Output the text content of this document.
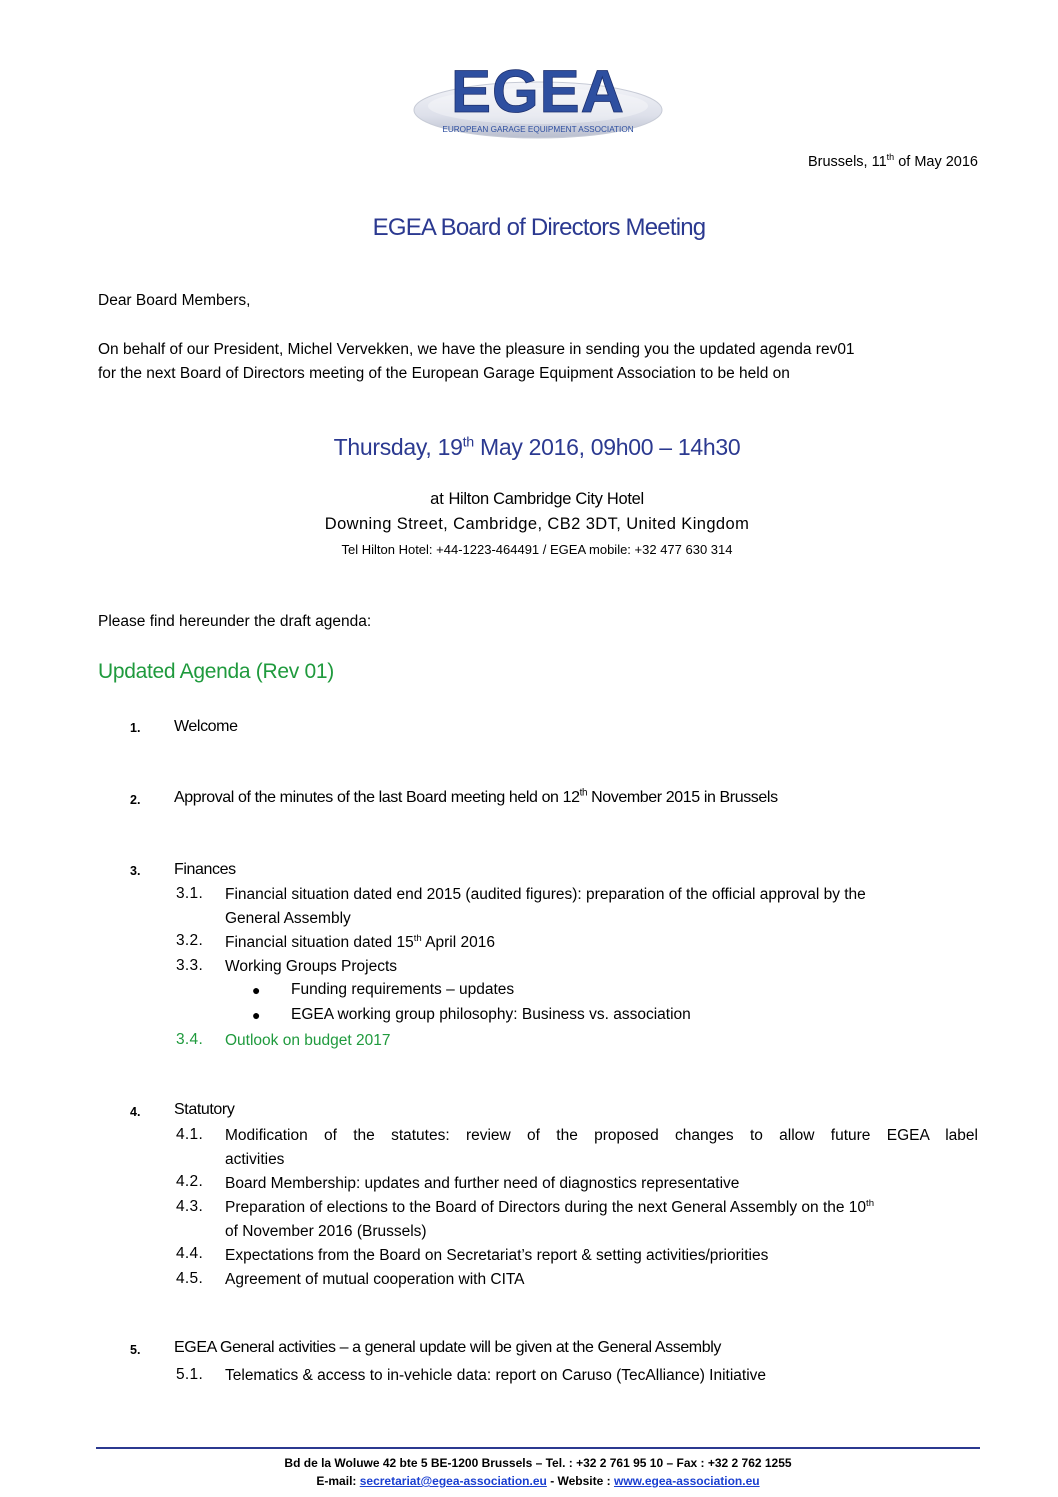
EGEA
EUROPEAN GARAGE EQUIPMENT ASSOCIATION
Brussels, 11th of May 2016
EGEA Board of Directors Meeting
Dear Board Members,
On behalf of our President, Michel Vervekken, we have the pleasure in sending you the updated agenda rev01
for the next Board of Directors meeting of the European Garage Equipment Association to be held on
Thursday, 19th May 2016, 09h00 – 14h30
at Hilton Cambridge City Hotel
Downing Street, Cambridge, CB2 3DT, United Kingdom
Tel Hilton Hotel: +44-1223-464491 / EGEA mobile: +32 477 630 314
Please find hereunder the draft agenda:
Updated Agenda (Rev 01)
1. Welcome
2. Approval of the minutes of the last Board meeting held on 12th November 2015 in Brussels
3. Finances
3.1. Financial situation dated end 2015 (audited figures): preparation of the official approval by the
General Assembly
3.2. Financial situation dated 15th April 2016
3.3. Working Groups Projects
● Funding requirements – updates
● EGEA working group philosophy: Business vs. association
3.4. Outlook on budget 2017
4. Statutory
4.1. Modification of the statutes: review of the proposed changes to allow future EGEA label
activities
4.2. Board Membership: updates and further need of diagnostics representative
4.3. Preparation of elections to the Board of Directors during the next General Assembly on the 10th
of November 2016 (Brussels)
4.4. Expectations from the Board on Secretariat’s report & setting activities/priorities
4.5. Agreement of mutual cooperation with CITA
5. EGEA General activities – a general update will be given at the General Assembly
5.1. Telematics & access to in-vehicle data: report on Caruso (TecAlliance) Initiative
Bd de la Woluwe 42 bte 5 BE-1200 Brussels – Tel. : +32 2 761 95 10 – Fax : +32 2 762 1255
E-mail: secretariat@egea-association.eu - Website : www.egea-association.eu
